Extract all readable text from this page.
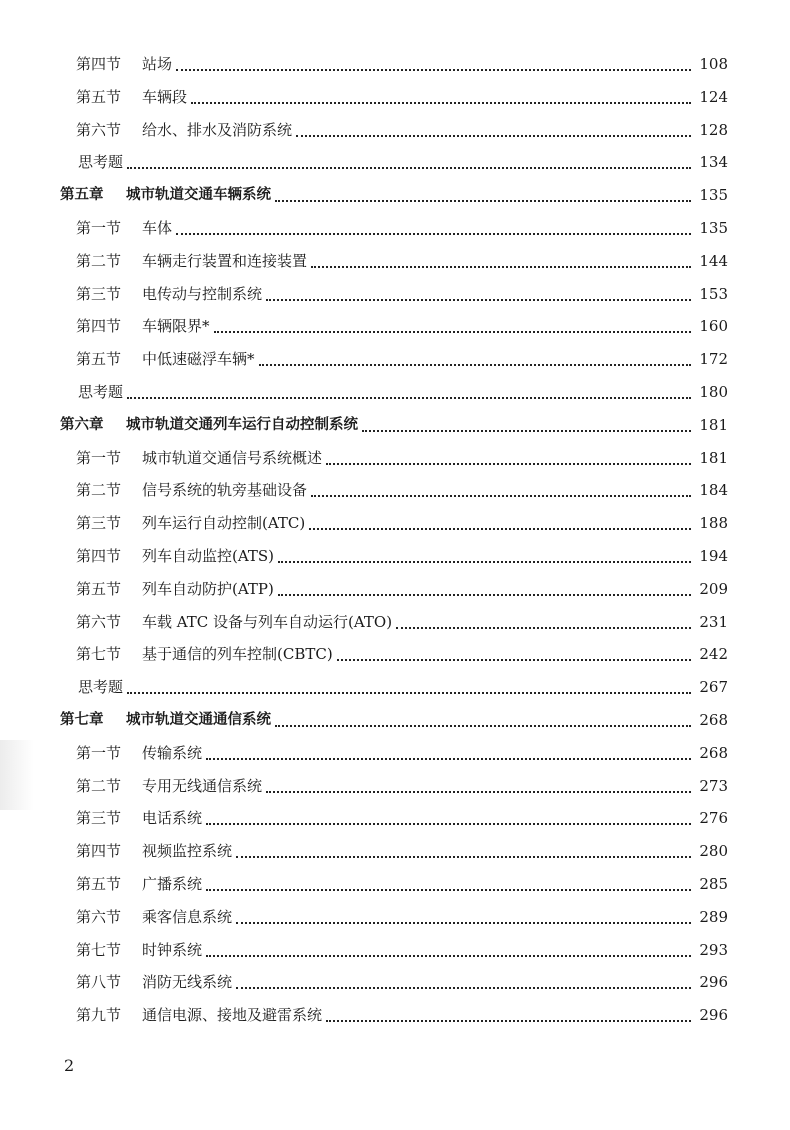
第四节 站场	108
第五节 车辆段	124
第六节 给水、排水及消防系统	128
思考题	134
第五章 城市轨道交通车辆系统	135
第一节 车体	135
第二节 车辆走行装置和连接装置	144
第三节 电传动与控制系统	153
第四节 车辆限界*	160
第五节 中低速磁浮车辆*	172
思考题	180
第六章 城市轨道交通列车运行自动控制系统	181
第一节 城市轨道交通信号系统概述	181
第二节 信号系统的轨旁基础设备	184
第三节 列车运行自动控制(ATC)	188
第四节 列车自动监控(ATS)	194
第五节 列车自动防护(ATP)	209
第六节 车载 ATC 设备与列车自动运行(ATO)	231
第七节 基于通信的列车控制(CBTC)	242
思考题	267
第七章 城市轨道交通通信系统	268
第一节 传输系统	268
第二节 专用无线通信系统	273
第三节 电话系统	276
第四节 视频监控系统	280
第五节 广播系统	285
第六节 乘客信息系统	289
第七节 时钟系统	293
第八节 消防无线系统	296
第九节 通信电源、接地及避雷系统	296
2
